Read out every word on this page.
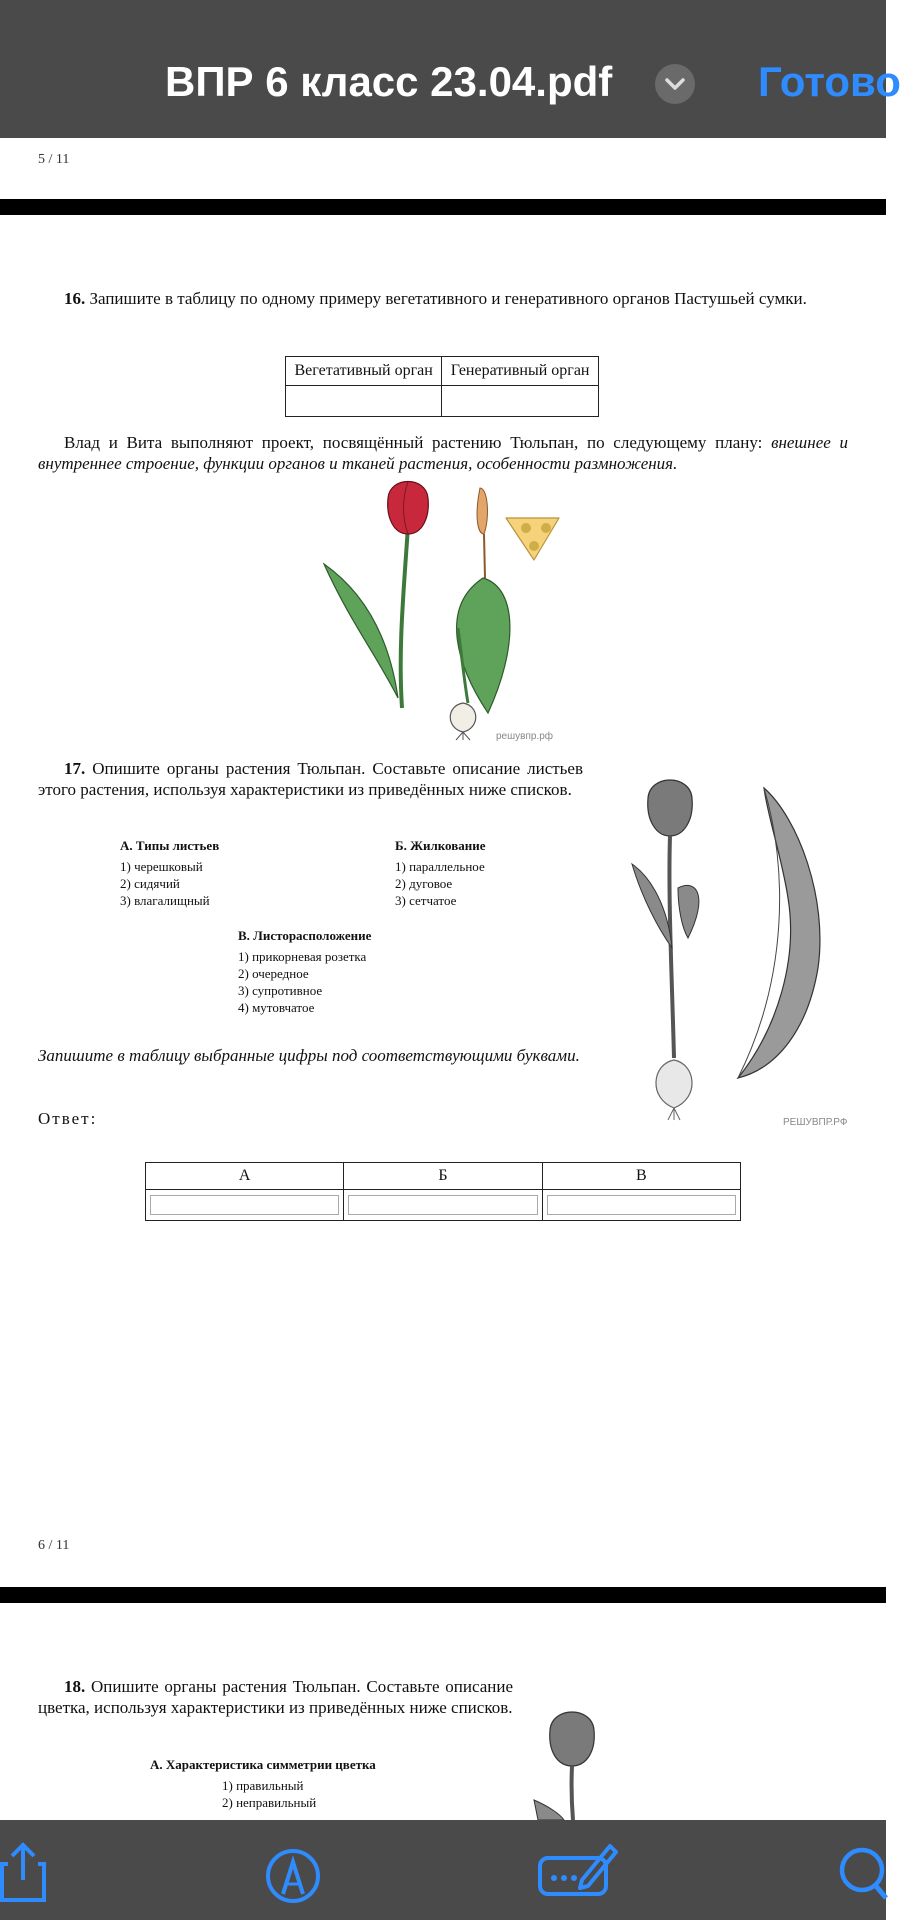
ВПР 6 класс 23.04.pdf	Готово
5 / 11
16. Запишите в таблицу по одному примеру вегетативного и генеративного органов Пастушьей сумки.
Вегетативный орган	Генеративный орган

Влад и Вита выполняют проект, посвящённый растению Тюльпан, по следующему плану: внешнее и внутреннее строение, функции органов и тканей растения, особенности размножения.
решувпр.рф
17. Опишите органы растения Тюльпан. Составьте описание листьев этого растения, используя характеристики из приведённых ниже списков.
А. Типы листьев
1) черешковый
2) сидячий
3) влагалищный
Б. Жилкование
1) параллельное
2) дуговое
3) сетчатое
В. Листорасположение
1) прикорневая розетка
2) очередное
3) супротивное
4) мутовчатое
Запишите в таблицу выбранные цифры под соответствующими буквами.
Ответ:	РЕШУВПР.РФ
А	Б	В

6 / 11
18. Опишите органы растения Тюльпан. Составьте описание цветка, используя характеристики из приведённых ниже списков.
А. Характеристика симметрии цветка
1) правильный
2) неправильный
